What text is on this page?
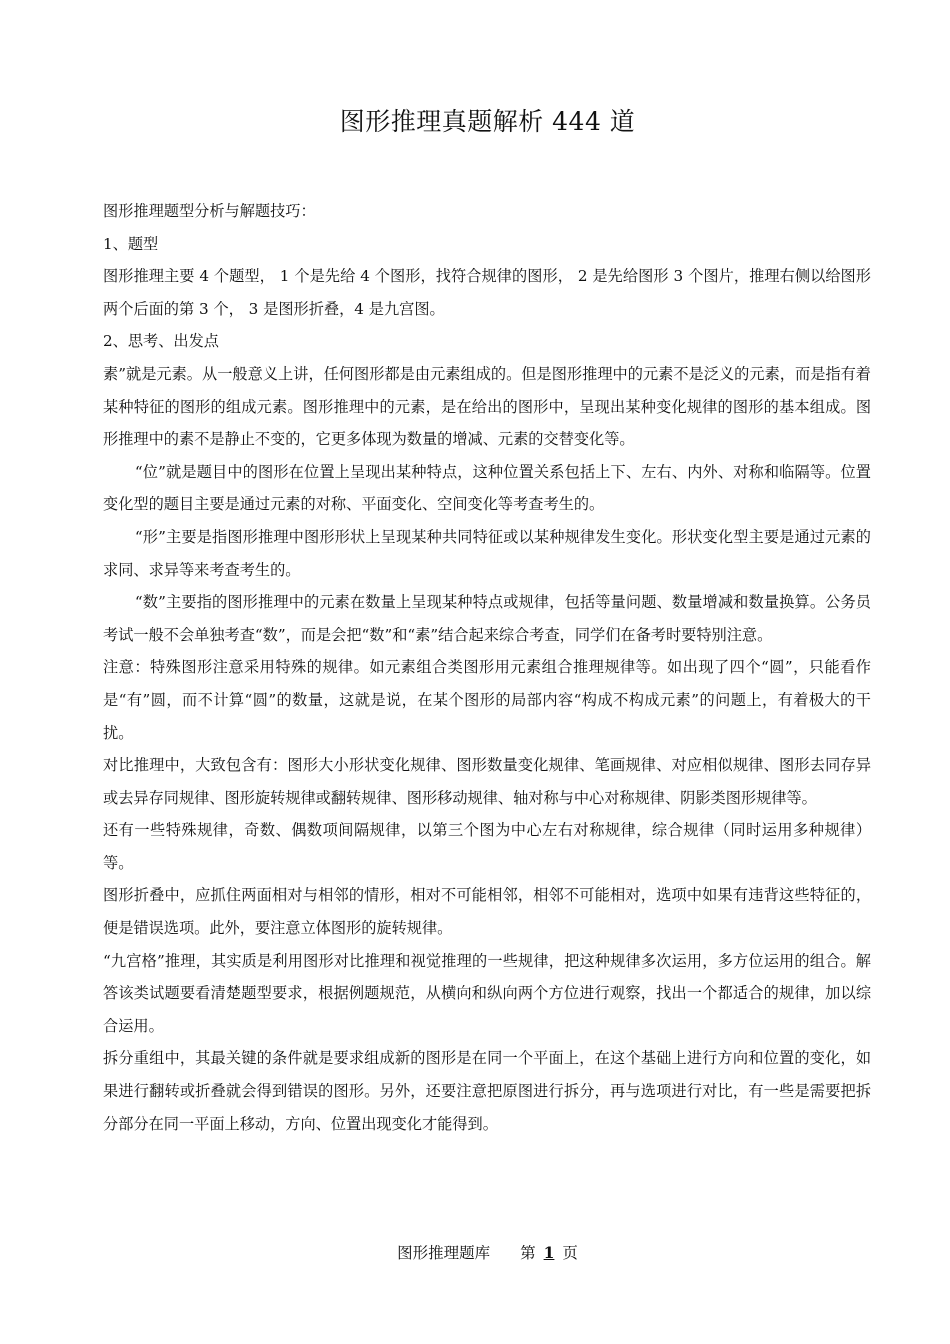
图形推理真题解析 444 道

图形推理题型分析与解题技巧：

1、题型

图形推理主要 4 个题型， 1 个是先给 4 个图形，找符合规律的图形， 2 是先给图形 3 个图片，推理右侧以给图形两个后面的第 3 个， 3 是图形折叠，4 是九宫图。

2、思考、出发点

素”就是元素。从一般意义上讲，任何图形都是由元素组成的。但是图形推理中的元素不是泛义的元素，而是指有着某种特征的图形的组成元素。图形推理中的元素，是在给出的图形中，呈现出某种变化规律的图形的基本组成。图形推理中的素不是静止不变的，它更多体现为数量的增减、元素的交替变化等。

“位”就是题目中的图形在位置上呈现出某种特点，这种位置关系包括上下、左右、内外、对称和临隔等。位置变化型的题目主要是通过元素的对称、平面变化、空间变化等考查考生的。

“形”主要是指图形推理中图形形状上呈现某种共同特征或以某种规律发生变化。形状变化型主要是通过元素的求同、求异等来考查考生的。

“数”主要指的图形推理中的元素在数量上呈现某种特点或规律，包括等量问题、数量增减和数量换算。公务员考试一般不会单独考查“数”，而是会把“数”和“素”结合起来综合考查，同学们在备考时要特别注意。

注意：特殊图形注意采用特殊的规律。如元素组合类图形用元素组合推理规律等。如出现了四个“圆”，只能看作是“有”圆，而不计算“圆”的数量，这就是说，在某个图形的局部内容“构成不构成元素”的问题上，有着极大的干扰。

对比推理中，大致包含有：图形大小形状变化规律、图形数量变化规律、笔画规律、对应相似规律、图形去同存异或去异存同规律、图形旋转规律或翻转规律、图形移动规律、轴对称与中心对称规律、阴影类图形规律等。

还有一些特殊规律，奇数、偶数项间隔规律，以第三个图为中心左右对称规律，综合规律（同时运用多种规律）等。

图形折叠中，应抓住两面相对与相邻的情形，相对不可能相邻，相邻不可能相对，选项中如果有违背这些特征的，便是错误选项。此外，要注意立体图形的旋转规律。

“九宫格”推理，其实质是利用图形对比推理和视觉推理的一些规律，把这种规律多次运用，多方位运用的组合。解答该类试题要看清楚题型要求，根据例题规范，从横向和纵向两个方位进行观察，找出一个都适合的规律，加以综合运用。

拆分重组中，其最关键的条件就是要求组成新的图形是在同一个平面上，在这个基础上进行方向和位置的变化，如果进行翻转或折叠就会得到错误的图形。另外，还要注意把原图进行拆分，再与选项进行对比，有一些是需要把拆分部分在同一平面上移动，方向、位置出现变化才能得到。

图形推理题库 第 1 页
